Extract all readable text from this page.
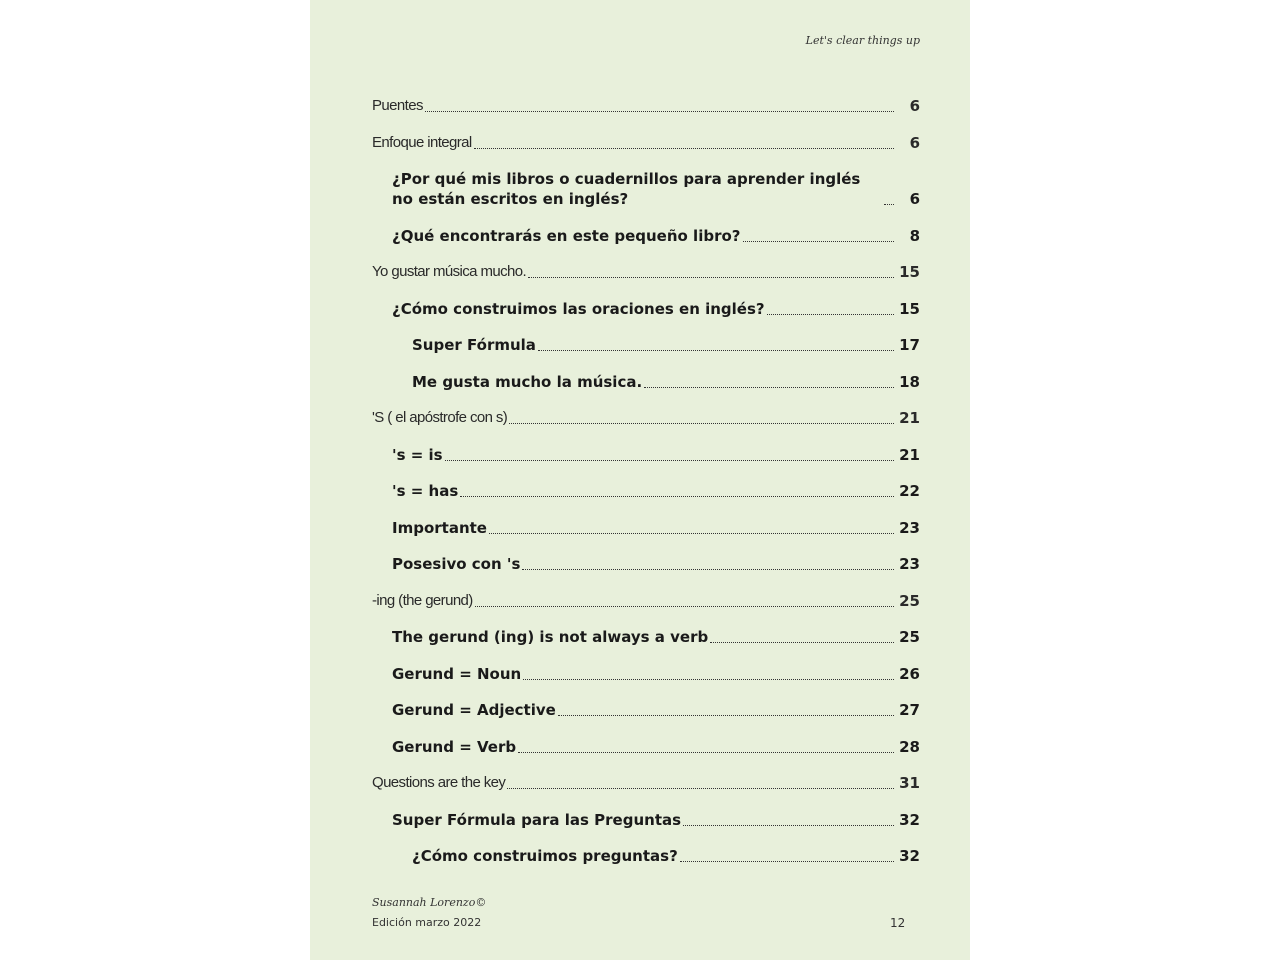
Let's clear things up
Puentes	6
Enfoque integral	6
¿Por qué mis libros o cuadernillos para aprender inglés no están escritos en inglés?	6
¿Qué encontrarás en este pequeño libro?	8
Yo gustar música mucho.	15
¿Cómo construimos las oraciones en inglés?	15
Super Fórmula	17
Me gusta mucho la música.	18
'S ( el apóstrofe con s)	21
's = is	21
's = has	22
Importante	23
Posesivo con 's	23
-ing (the gerund)	25
The gerund (ing) is not always a verb	25
Gerund = Noun	26
Gerund = Adjective	27
Gerund = Verb	28
Questions are the key	31
Super Fórmula para las Preguntas	32
¿Cómo construimos preguntas?	32
Susannah Lorenzo©
Edición marzo 2022	12
